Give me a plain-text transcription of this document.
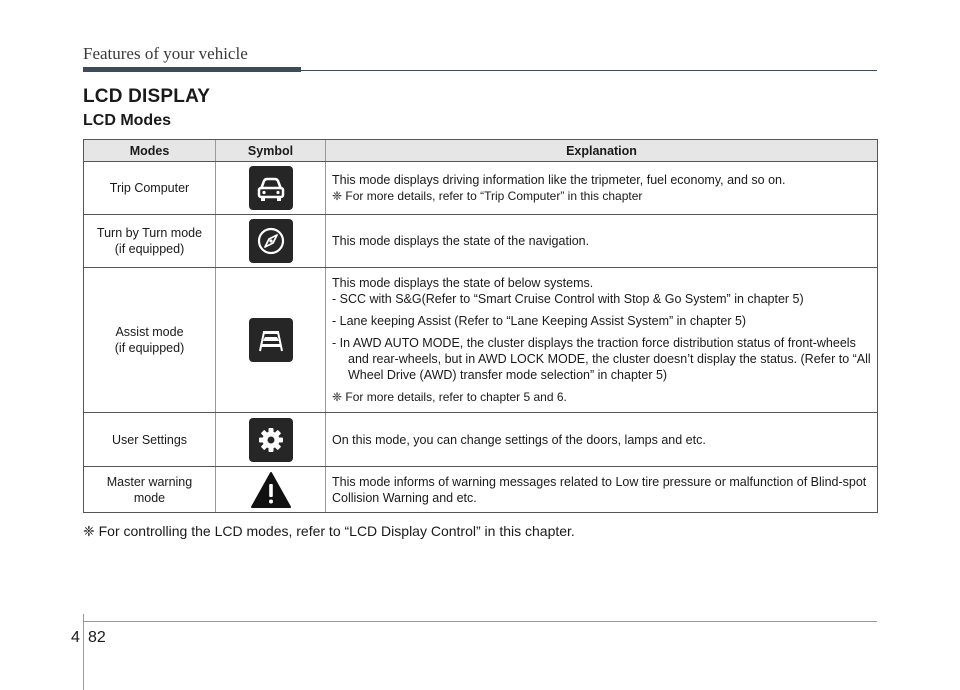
Features of your vehicle
LCD DISPLAY
LCD Modes
Modes	Symbol	Explanation
Trip Computer		This mode displays driving information like the tripmeter, fuel economy, and so on.
❈ For more details, refer to “Trip Computer” in this chapter

Turn by Turn mode
(if equipped)		This mode displays the state of the navigation.

Assist mode
(if equipped)		This mode displays the state of below systems.
- SCC with S&G(Refer to “Smart Cruise Control with Stop & Go System” in chapter 5)
- Lane keeping Assist (Refer to “Lane Keeping Assist System” in chapter 5)
- In AWD AUTO MODE, the cluster displays the traction force distribution status of front-wheels and rear-wheels, but in AWD LOCK MODE, the cluster doesn’t display the status. (Refer to “All Wheel Drive (AWD) transfer mode selection” in chapter 5)
❈ For more details, refer to chapter 5 and 6.

User Settings		On this mode, you can change settings of the doors, lamps and etc.

Master warning
mode		This mode informs of warning messages related to Low tire pressure or malfunction of Blind-spot Collision Warning and etc.
❈ For controlling the LCD modes, refer to “LCD Display Control” in this chapter.
4 82
